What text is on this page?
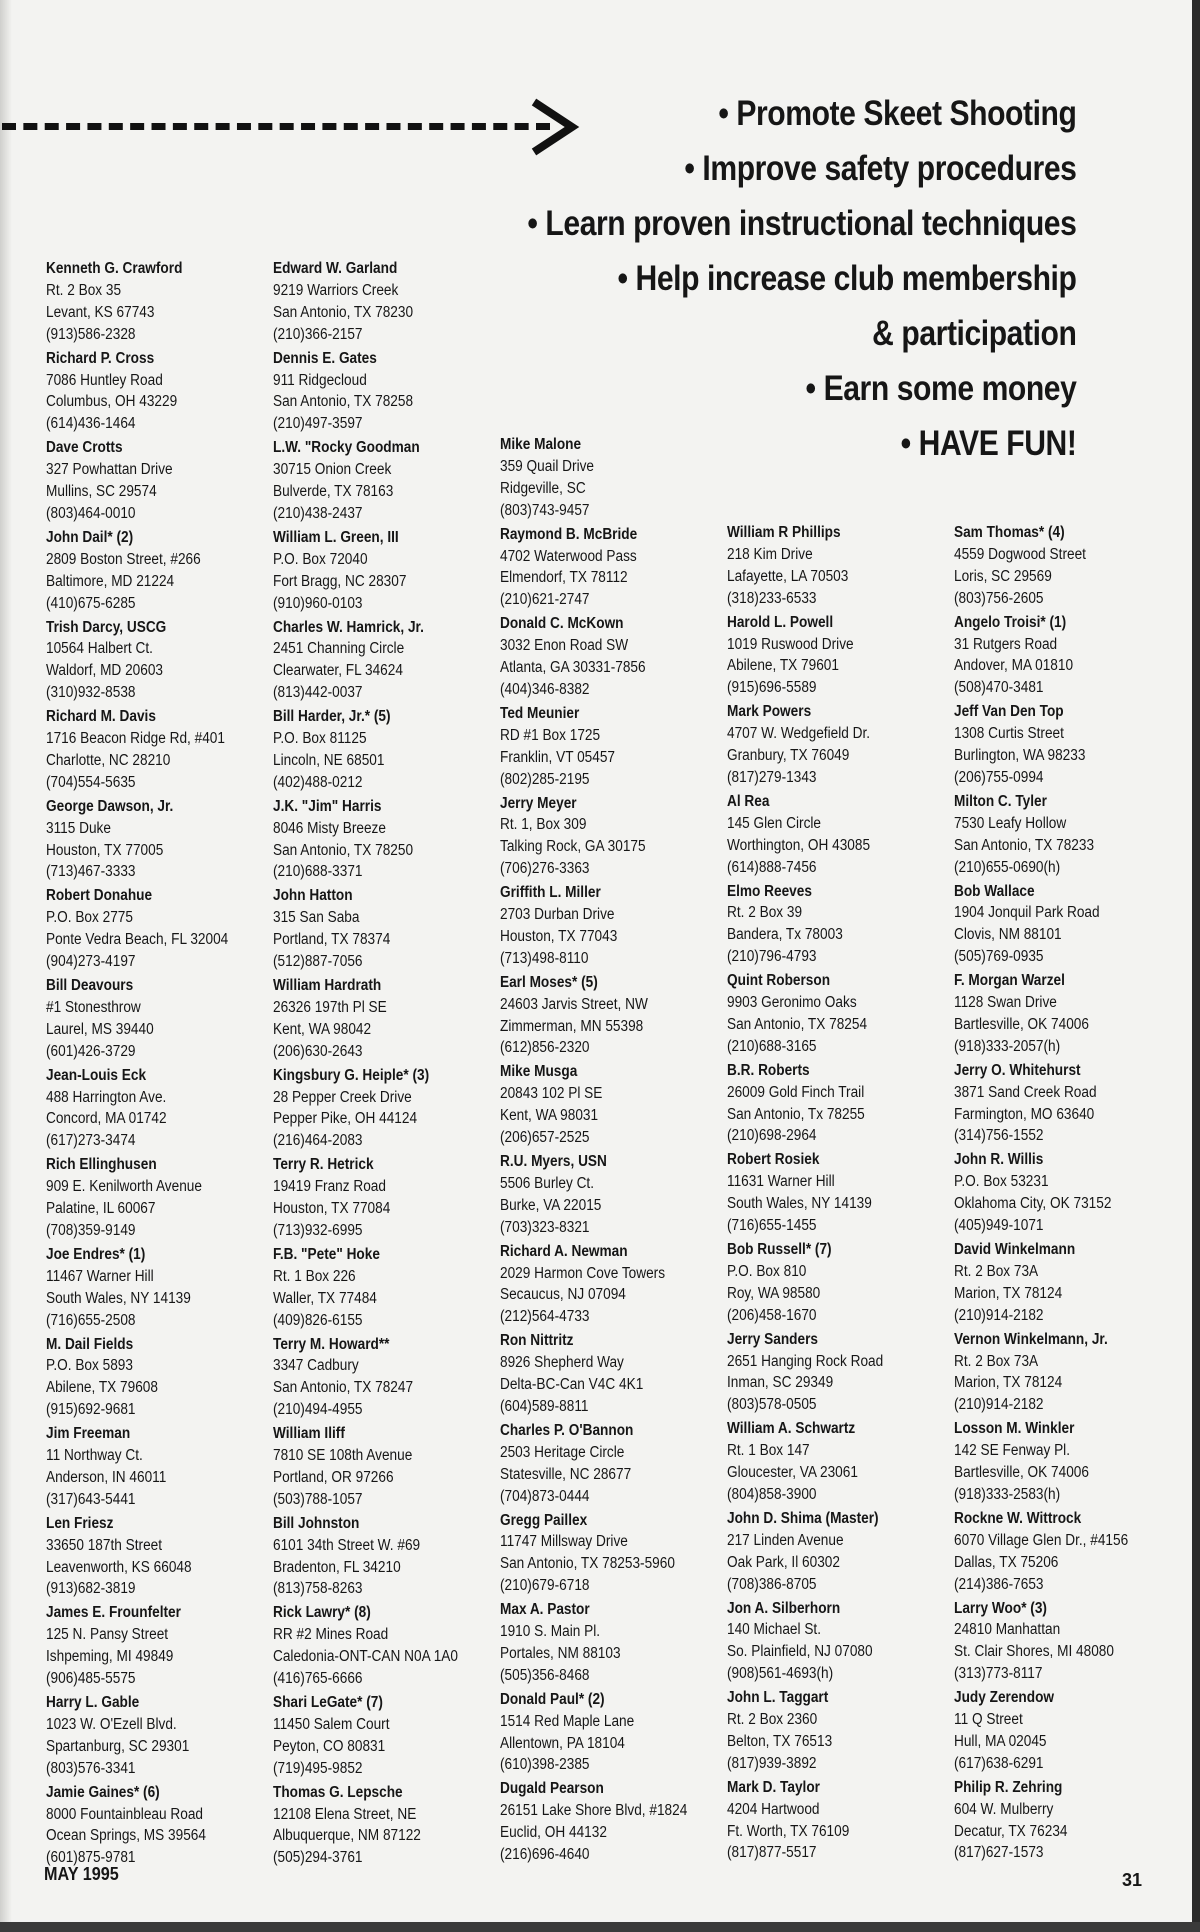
• Promote Skeet Shooting
• Improve safety procedures
• Learn proven instructional techniques
• Help increase club membership
& participation
• Earn some money
• HAVE FUN!
Kenneth G. Crawford
Rt. 2 Box 35
Levant, KS 67743
(913)586-2328
Richard P. Cross
7086 Huntley Road
Columbus, OH 43229
(614)436-1464
Dave Crotts
327 Powhattan Drive
Mullins, SC 29574
(803)464-0010
John Dail* (2)
2809 Boston Street, #266
Baltimore, MD 21224
(410)675-6285
Trish Darcy, USCG
10564 Halbert Ct.
Waldorf, MD 20603
(310)932-8538
Richard M. Davis
1716 Beacon Ridge Rd, #401
Charlotte, NC 28210
(704)554-5635
George Dawson, Jr.
3115 Duke
Houston, TX 77005
(713)467-3333
Robert Donahue
P.O. Box 2775
Ponte Vedra Beach, FL 32004
(904)273-4197
Bill Deavours
#1 Stonesthrow
Laurel, MS 39440
(601)426-3729
Jean-Louis Eck
488 Harrington Ave.
Concord, MA 01742
(617)273-3474
Rich Ellinghusen
909 E. Kenilworth Avenue
Palatine, IL 60067
(708)359-9149
Joe Endres* (1)
11467 Warner Hill
South Wales, NY 14139
(716)655-2508
M. Dail Fields
P.O. Box 5893
Abilene, TX 79608
(915)692-9681
Jim Freeman
11 Northway Ct.
Anderson, IN 46011
(317)643-5441
Len Friesz
33650 187th Street
Leavenworth, KS 66048
(913)682-3819
James E. Frounfelter
125 N. Pansy Street
Ishpeming, MI 49849
(906)485-5575
Harry L. Gable
1023 W. O'Ezell Blvd.
Spartanburg, SC 29301
(803)576-3341
Jamie Gaines* (6)
8000 Fountainbleau Road
Ocean Springs, MS 39564
(601)875-9781
Edward W. Garland
9219 Warriors Creek
San Antonio, TX 78230
(210)366-2157
Dennis E. Gates
911 Ridgecloud
San Antonio, TX 78258
(210)497-3597
L.W. "Rocky Goodman
30715 Onion Creek
Bulverde, TX 78163
(210)438-2437
William L. Green, III
P.O. Box 72040
Fort Bragg, NC 28307
(910)960-0103
Charles W. Hamrick, Jr.
2451 Channing Circle
Clearwater, FL 34624
(813)442-0037
Bill Harder, Jr.* (5)
P.O. Box 81125
Lincoln, NE 68501
(402)488-0212
J.K. "Jim" Harris
8046 Misty Breeze
San Antonio, TX 78250
(210)688-3371
John Hatton
315 San Saba
Portland, TX 78374
(512)887-7056
William Hardrath
26326 197th Pl SE
Kent, WA 98042
(206)630-2643
Kingsbury G. Heiple* (3)
28 Pepper Creek Drive
Pepper Pike, OH 44124
(216)464-2083
Terry R. Hetrick
19419 Franz Road
Houston, TX 77084
(713)932-6995
F.B. "Pete" Hoke
Rt. 1 Box 226
Waller, TX 77484
(409)826-6155
Terry M. Howard**
3347 Cadbury
San Antonio, TX 78247
(210)494-4955
William Iliff
7810 SE 108th Avenue
Portland, OR 97266
(503)788-1057
Bill Johnston
6101 34th Street W. #69
Bradenton, FL 34210
(813)758-8263
Rick Lawry* (8)
RR #2 Mines Road
Caledonia-ONT-CAN N0A 1A0
(416)765-6666
Shari LeGate* (7)
11450 Salem Court
Peyton, CO 80831
(719)495-9852
Thomas G. Lepsche
12108 Elena Street, NE
Albuquerque, NM 87122
(505)294-3761
Mike Malone
359 Quail Drive
Ridgeville, SC
(803)743-9457
Raymond B. McBride
4702 Waterwood Pass
Elmendorf, TX 78112
(210)621-2747
Donald C. McKown
3032 Enon Road SW
Atlanta, GA 30331-7856
(404)346-8382
Ted Meunier
RD #1 Box 1725
Franklin, VT 05457
(802)285-2195
Jerry Meyer
Rt. 1, Box 309
Talking Rock, GA 30175
(706)276-3363
Griffith L. Miller
2703 Durban Drive
Houston, TX 77043
(713)498-8110
Earl Moses* (5)
24603 Jarvis Street, NW
Zimmerman, MN 55398
(612)856-2320
Mike Musga
20843 102 Pl SE
Kent, WA 98031
(206)657-2525
R.U. Myers, USN
5506 Burley Ct.
Burke, VA 22015
(703)323-8321
Richard A. Newman
2029 Harmon Cove Towers
Secaucus, NJ 07094
(212)564-4733
Ron Nittritz
8926 Shepherd Way
Delta-BC-Can V4C 4K1
(604)589-8811
Charles P. O'Bannon
2503 Heritage Circle
Statesville, NC 28677
(704)873-0444
Gregg Paillex
11747 Millsway Drive
San Antonio, TX 78253-5960
(210)679-6718
Max A. Pastor
1910 S. Main Pl.
Portales, NM 88103
(505)356-8468
Donald Paul* (2)
1514 Red Maple Lane
Allentown, PA 18104
(610)398-2385
Dugald Pearson
26151 Lake Shore Blvd, #1824
Euclid, OH 44132
(216)696-4640
William R Phillips
218 Kim Drive
Lafayette, LA 70503
(318)233-6533
Harold L. Powell
1019 Ruswood Drive
Abilene, TX 79601
(915)696-5589
Mark Powers
4707 W. Wedgefield Dr.
Granbury, TX 76049
(817)279-1343
Al Rea
145 Glen Circle
Worthington, OH 43085
(614)888-7456
Elmo Reeves
Rt. 2 Box 39
Bandera, Tx 78003
(210)796-4793
Quint Roberson
9903 Geronimo Oaks
San Antonio, TX 78254
(210)688-3165
B.R. Roberts
26009 Gold Finch Trail
San Antonio, Tx 78255
(210)698-2964
Robert Rosiek
11631 Warner Hill
South Wales, NY 14139
(716)655-1455
Bob Russell* (7)
P.O. Box 810
Roy, WA 98580
(206)458-1670
Jerry Sanders
2651 Hanging Rock Road
Inman, SC 29349
(803)578-0505
William A. Schwartz
Rt. 1 Box 147
Gloucester, VA 23061
(804)858-3900
John D. Shima (Master)
217 Linden Avenue
Oak Park, Il 60302
(708)386-8705
Jon A. Silberhorn
140 Michael St.
So. Plainfield, NJ 07080
(908)561-4693(h)
John L. Taggart
Rt. 2 Box 2360
Belton, TX 76513
(817)939-3892
Mark D. Taylor
4204 Hartwood
Ft. Worth, TX 76109
(817)877-5517
Sam Thomas* (4)
4559 Dogwood Street
Loris, SC 29569
(803)756-2605
Angelo Troisi* (1)
31 Rutgers Road
Andover, MA 01810
(508)470-3481
Jeff Van Den Top
1308 Curtis Street
Burlington, WA 98233
(206)755-0994
Milton C. Tyler
7530 Leafy Hollow
San Antonio, TX 78233
(210)655-0690(h)
Bob Wallace
1904 Jonquil Park Road
Clovis, NM 88101
(505)769-0935
F. Morgan Warzel
1128 Swan Drive
Bartlesville, OK 74006
(918)333-2057(h)
Jerry O. Whitehurst
3871 Sand Creek Road
Farmington, MO 63640
(314)756-1552
John R. Willis
P.O. Box 53231
Oklahoma City, OK 73152
(405)949-1071
David Winkelmann
Rt. 2 Box 73A
Marion, TX 78124
(210)914-2182
Vernon Winkelmann, Jr.
Rt. 2 Box 73A
Marion, TX 78124
(210)914-2182
Losson M. Winkler
142 SE Fenway Pl.
Bartlesville, OK 74006
(918)333-2583(h)
Rockne W. Wittrock
6070 Village Glen Dr., #4156
Dallas, TX 75206
(214)386-7653
Larry Woo* (3)
24810 Manhattan
St. Clair Shores, MI 48080
(313)773-8117
Judy Zerendow
11 Q Street
Hull, MA 02045
(617)638-6291
Philip R. Zehring
604 W. Mulberry
Decatur, TX 76234
(817)627-1573
MAY 1995	31
